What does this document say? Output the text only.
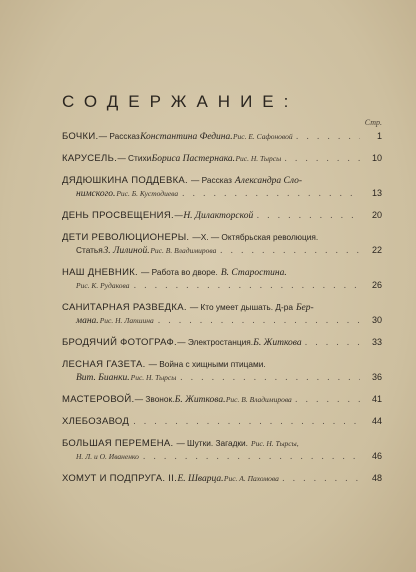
СОДЕРЖАНИЕ:
Стр.
БОЧКИ. — Рассказ Константина Федина. Рис. Е. Сафоновой . . .	1
КАРУСЕЛЬ. — Стихи Бориса Пастернака. Рис. Н. Тырсы . . .	10
ДЯДЮШКИНА ПОДДЕВКА. — Рассказ Александра Сло-
нимского. Рис. Б. Кустодиева . . .	13
ДЕНЬ ПРОСВЕЩЕНИЯ. — Н. Дилакторской . . .	20
ДЕТИ РЕВОЛЮЦИОНЕРЫ. —Х. — Октябрьская революция.
Статья З. Лилиной. Рис. В. Владимирова . . .	22
НАШ ДНЕВНИК. — Работа во дворе. В. Старостина.
Рис. К. Рудакова . . .	26
САНИТАРНАЯ РАЗВЕДКА. — Кто умеет дышать. Д-ра Бер-
мана. Рис. Н. Лапшина . . .	30
БРОДЯЧИЙ ФОТОГРАФ. — Электростанция. Б. Житкова . . .	33
ЛЕСНАЯ ГАЗЕТА. — Война с хищными птицами.
Вит. Бианки. Рис. Н. Тырсы . . .	36
МАСТЕРОВОЙ. — Звонок. Б. Житкова. Рис. В. Владимирова . . .	41
ХЛЕБОЗАВОД . . .	44
БОЛЬШАЯ ПЕРЕМЕНА. — Шутки. Загадки. Рис. Н. Тырсы,
Н. Л. и О. Иваненко . . .	46
ХОМУТ И ПОДПРУГА. II. Е. Шварца. Рис. А. Пахомова . . .	48
